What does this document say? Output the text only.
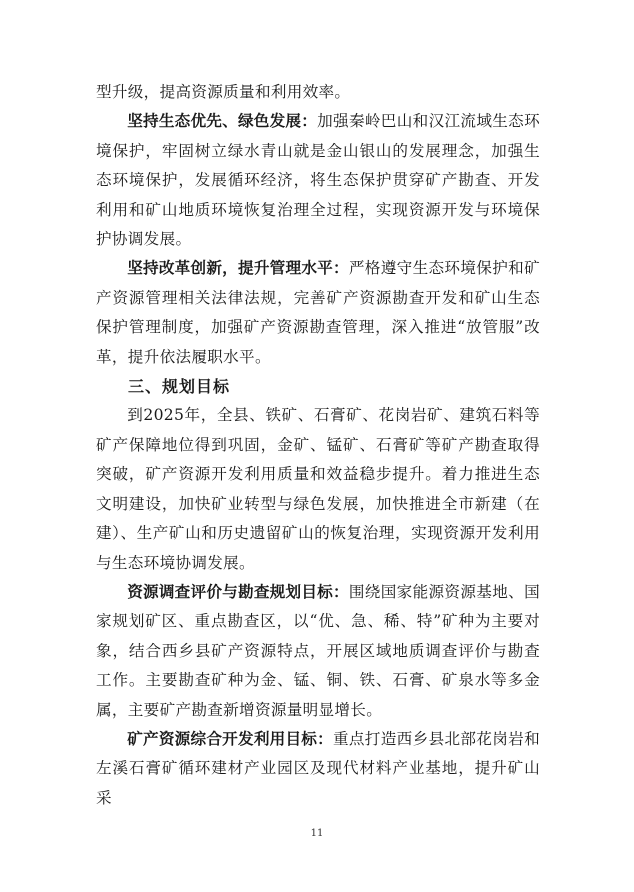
型升级，提高资源质量和利用效率。

坚持生态优先、绿色发展：加强秦岭巴山和汉江流域生态环境保护，牢固树立绿水青山就是金山银山的发展理念，加强生态环境保护，发展循环经济，将生态保护贯穿矿产勘查、开发利用和矿山地质环境恢复治理全过程，实现资源开发与环境保护协调发展。

坚持改革创新，提升管理水平：严格遵守生态环境保护和矿产资源管理相关法律法规，完善矿产资源勘查开发和矿山生态保护管理制度，加强矿产资源勘查管理，深入推进“放管服”改革，提升依法履职水平。

三、规划目标

到2025年，全县、铁矿、石膏矿、花岗岩矿、建筑石料等矿产保障地位得到巩固，金矿、锰矿、石膏矿等矿产勘查取得突破，矿产资源开发利用质量和效益稳步提升。着力推进生态文明建设，加快矿业转型与绿色发展，加快推进全市新建（在建）、生产矿山和历史遗留矿山的恢复治理，实现资源开发利用与生态环境协调发展。

资源调查评价与勘查规划目标：围绕国家能源资源基地、国家规划矿区、重点勘查区，以“优、急、稀、特”矿种为主要对象，结合西乡县矿产资源特点，开展区域地质调查评价与勘查工作。主要勘查矿种为金、锰、铜、铁、石膏、矿泉水等多金属，主要矿产勘查新增资源量明显增长。

矿产资源综合开发利用目标：重点打造西乡县北部花岗岩和左溪石膏矿循环建材产业园区及现代材料产业基地，提升矿山采

11
